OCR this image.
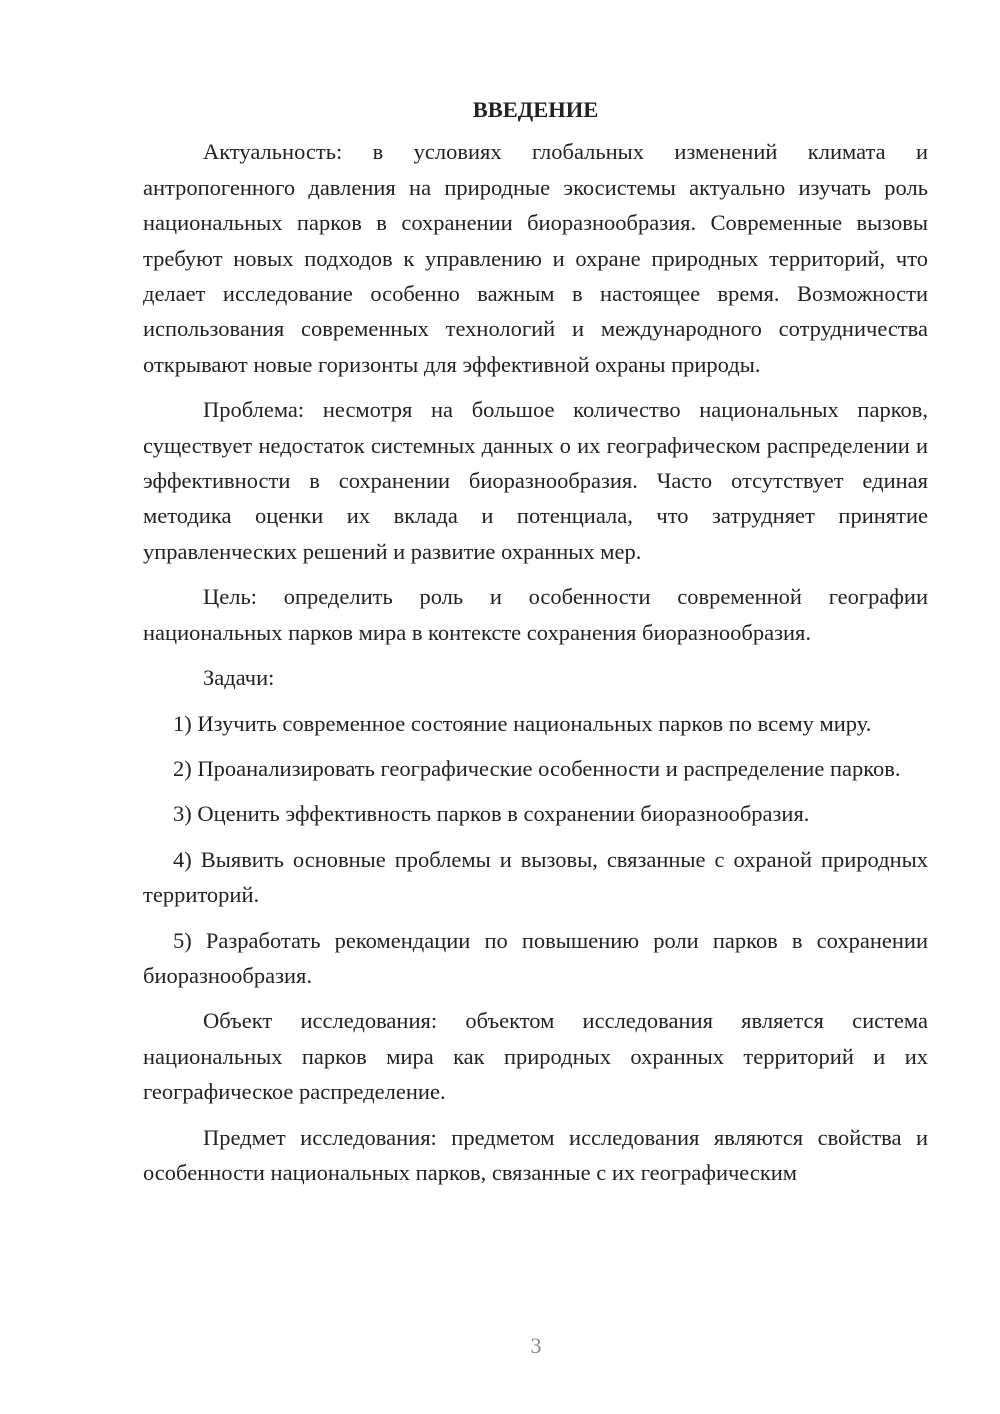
ВВЕДЕНИЕ

Актуальность: в условиях глобальных изменений климата и антропогенного давления на природные экосистемы актуально изучать роль национальных парков в сохранении биоразнообразия. Современные вызовы требуют новых подходов к управлению и охране природных территорий, что делает исследование особенно важным в настоящее время. Возможности использования современных технологий и международного сотрудничества открывают новые горизонты для эффективной охраны природы.

Проблема: несмотря на большое количество национальных парков, существует недостаток системных данных о их географическом распределении и эффективности в сохранении биоразнообразия. Часто отсутствует единая методика оценки их вклада и потенциала, что затрудняет принятие управленческих решений и развитие охранных мер.

Цель: определить роль и особенности современной географии национальных парков мира в контексте сохранения биоразнообразия.

Задачи:

1) Изучить современное состояние национальных парков по всему миру.

2) Проанализировать географические особенности и распределение парков.

3) Оценить эффективность парков в сохранении биоразнообразия.

4) Выявить основные проблемы и вызовы, связанные с охраной природных территорий.

5) Разработать рекомендации по повышению роли парков в сохранении биоразнообразия.

Объект исследования: объектом исследования является система национальных парков мира как природных охранных территорий и их географическое распределение.

Предмет исследования: предметом исследования являются свойства и особенности национальных парков, связанные с их географическим

3
